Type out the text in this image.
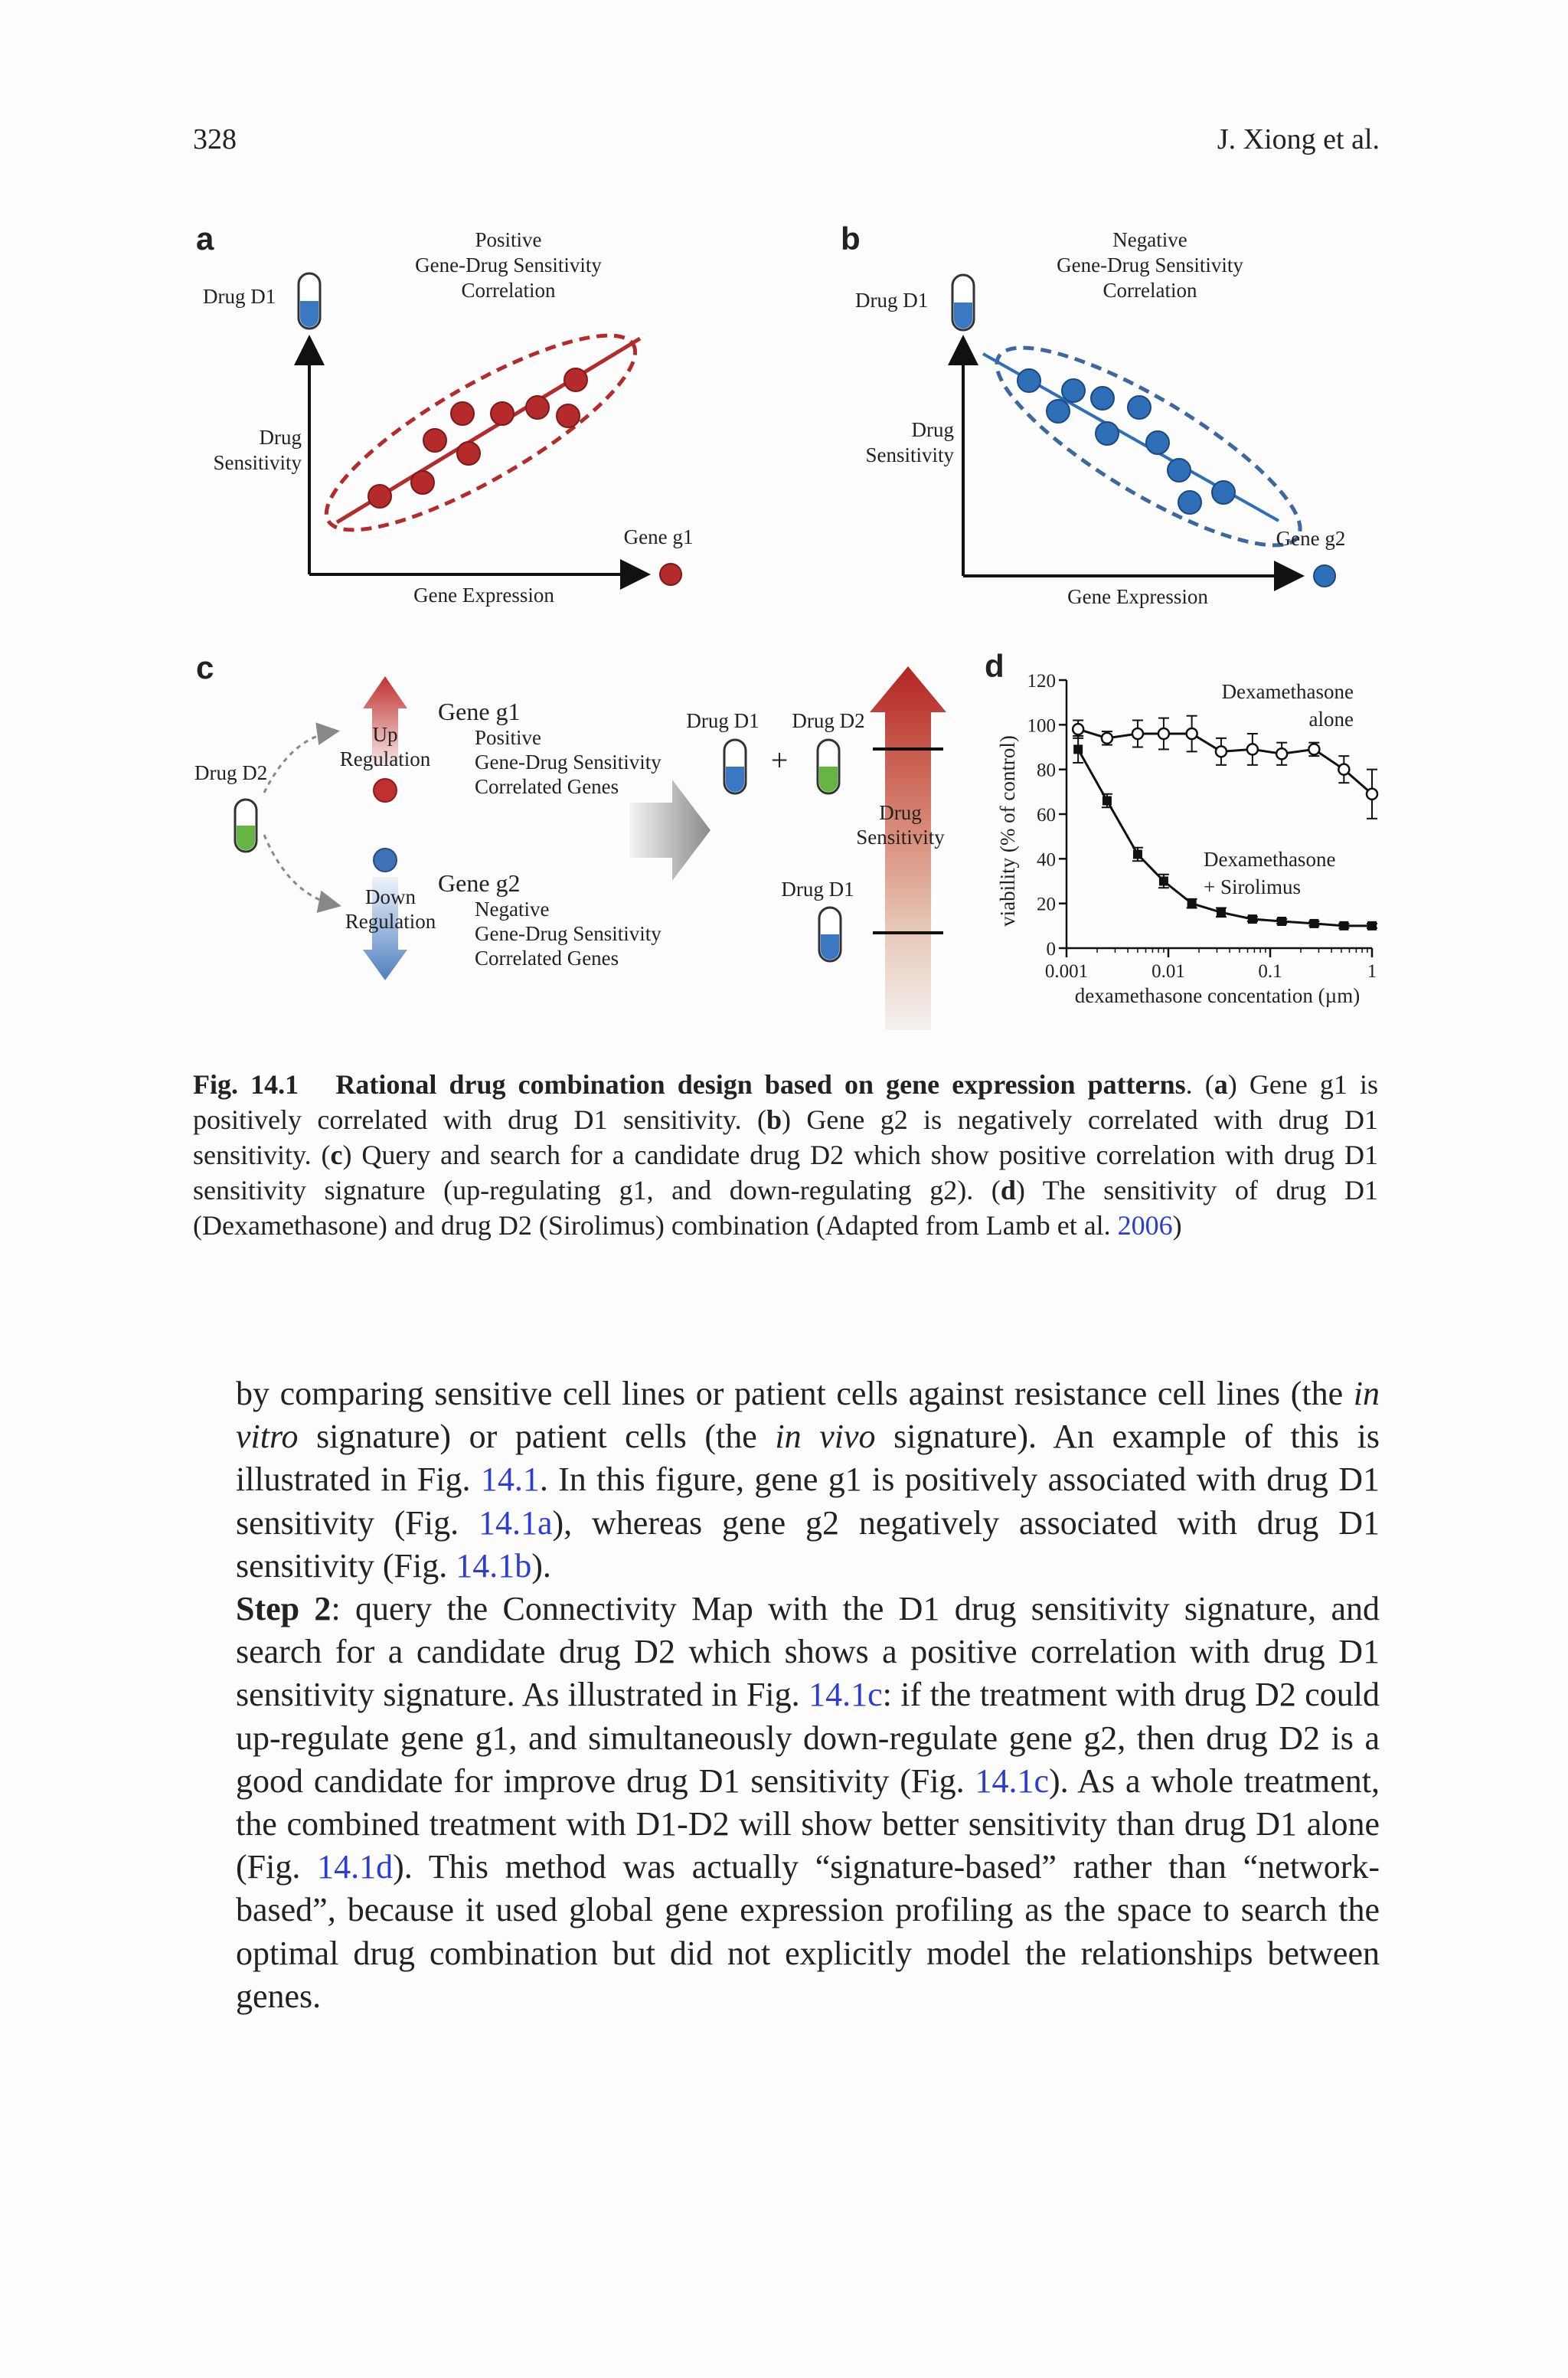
328	J. Xiong et al.
a	Positive
Gene-Drug Sensitivity
Correlation
Drug D1
Drug
Sensitivity
Gene g1
Gene Expression
b	Negative
Gene-Drug Sensitivity
Correlation
Drug D1
Drug
Sensitivity
Gene g2
Gene Expression
c
Drug D2
Up
Regulation
Down
Regulation
Gene g1
Positive
Gene-Drug Sensitivity
Correlated Genes
Gene g2
Negative
Gene-Drug Sensitivity
Correlated Genes
Drug D1 Drug D2
+
Drug D1
Drug
Sensitivity
d
viability (% of control)
dexamethasone concentation (µm)
Dexamethasone
alone
Dexamethasone
+ Sirolimus
0
20
40
60
80
100
120
0.001	0.01	0.1	1
Fig. 14.1 Rational drug combination design based on gene expression patterns. (a) Gene g1 is positively correlated with drug D1 sensitivity. (b) Gene g2 is negatively correlated with drug D1 sensitivity. (c) Query and search for a candidate drug D2 which show positive correlation with drug D1 sensitivity signature (up-regulating g1, and down-regulating g2). (d) The sensitivity of drug D1 (Dexamethasone) and drug D2 (Sirolimus) combination (Adapted from Lamb et al. 2006)

by comparing sensitive cell lines or patient cells against resistance cell lines (the in vitro signature) or patient cells (the in vivo signature). An example of this is illustrated in Fig. 14.1. In this figure, gene g1 is positively associated with drug D1 sensitivity (Fig. 14.1a), whereas gene g2 negatively associated with drug D1 sensitivity (Fig. 14.1b).

Step 2: query the Connectivity Map with the D1 drug sensitivity signature, and search for a candidate drug D2 which shows a positive correlation with drug D1 sensitivity signature. As illustrated in Fig. 14.1c: if the treatment with drug D2 could up-regulate gene g1, and simultaneously down-regulate gene g2, then drug D2 is a good candidate for improve drug D1 sensitivity (Fig. 14.1c). As a whole treatment, the combined treatment with D1-D2 will show better sensitivity than drug D1 alone (Fig. 14.1d). This method was actually “signature-based” rather than “network-based”, because it used global gene expression profiling as the space to search the optimal drug combination but did not explicitly model the relationships between genes.
